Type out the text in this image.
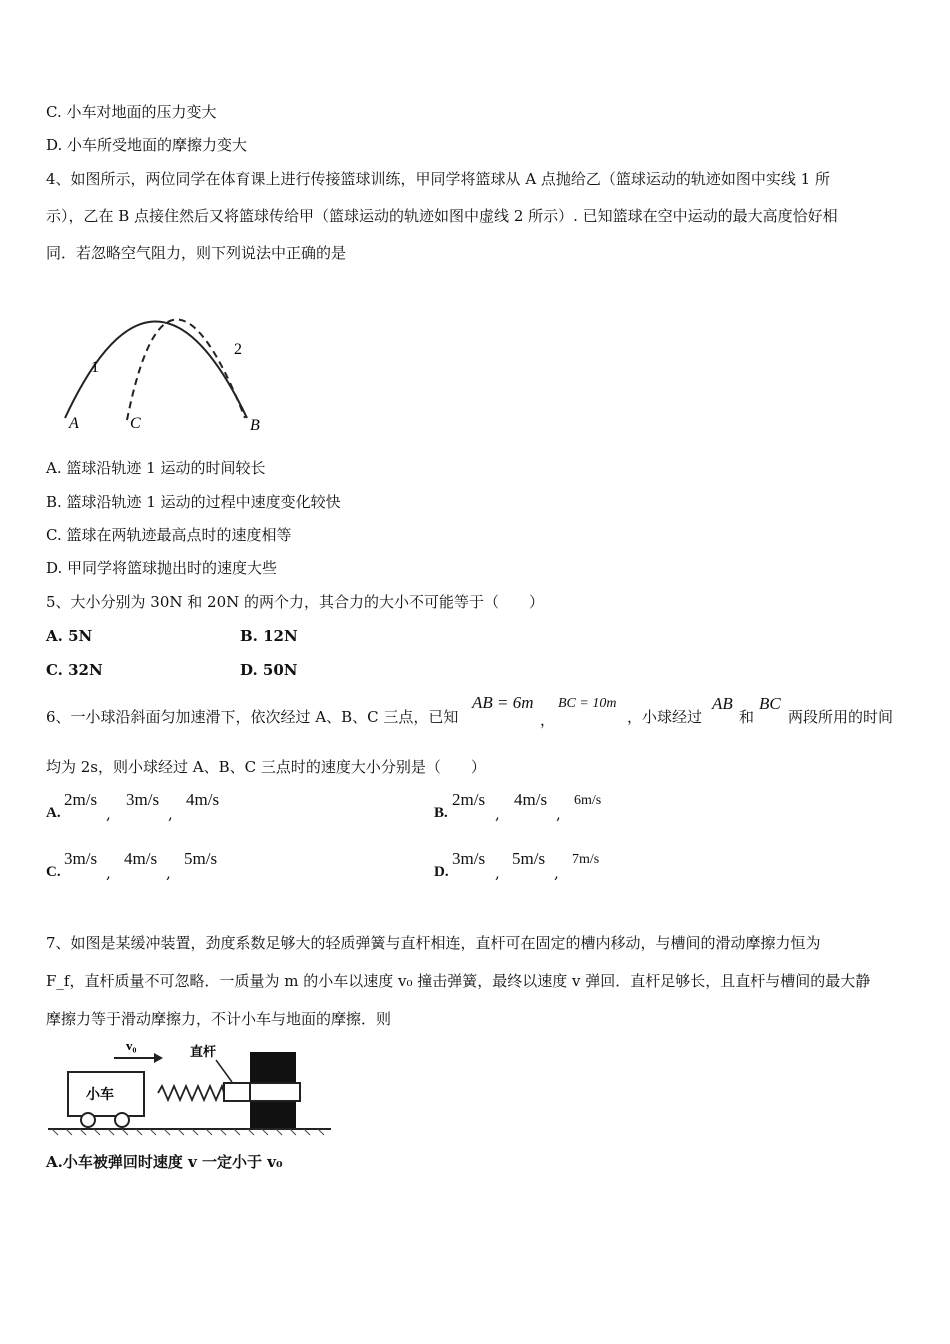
C. 小车对地面的压力变大
D. 小车所受地面的摩擦力变大
4、如图所示，两位同学在体育课上进行传接篮球训练，甲同学将篮球从 A 点抛给乙（篮球运动的轨迹如图中实线 1 所
示），乙在 B 点接住然后又将篮球传给甲（篮球运动的轨迹如图中虚线 2 所示）. 已知篮球在空中运动的最大高度恰好相
同．若忽略空气阻力，则下列说法中正确的是
1
2
A	C	B
A. 篮球沿轨迹 1 运动的时间较长
B. 篮球沿轨迹 1 运动的过程中速度变化较快
C. 篮球在两轨迹最高点时的速度相等
D. 甲同学将篮球抛出时的速度大些
5、大小分别为 30N 和 20N 的两个力，其合力的大小不可能等于（　　）
A. 5N	B. 12N
C. 32N	D. 50N
6、一小球沿斜面匀加速滑下，依次经过 A、B、C 三点，已知
AB = 6m
，
BC = 10m
，小球经过
AB
和
BC
两段所用的时间
均为 2s，则小球经过 A、B、C 三点时的速度大小分别是（　　）
A.
2m/s
,
3m/s
,
4m/s
B.
2m/s
,
4m/s
,
6m/s
C.
3m/s
,
4m/s
,
5m/s
D.
3m/s
,
5m/s
,
7m/s
7、如图是某缓冲装置，劲度系数足够大的轻质弹簧与直杆相连，直杆可在固定的槽内移动，与槽间的滑动摩擦力恒为
F_f，直杆质量不可忽略．一质量为 m 的小车以速度 v₀ 撞击弹簧，最终以速度 v 弹回．直杆足够长，且直杆与槽间的最大静
摩擦力等于滑动摩擦力，不计小车与地面的摩擦．则
小车
v₀	直杆
A.小车被弹回时速度 v 一定小于 v₀
